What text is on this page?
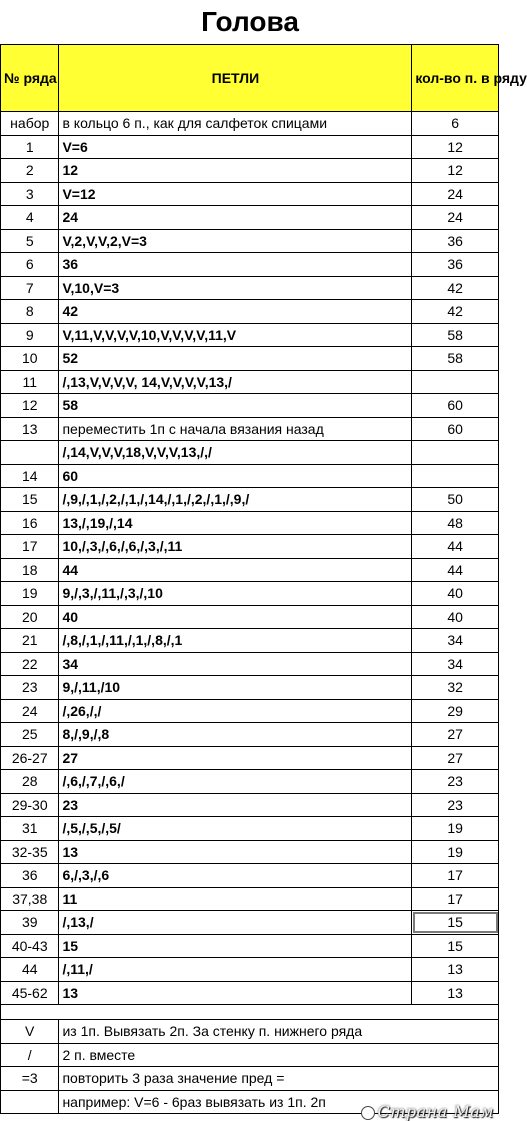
Голова
№ ряда	ПЕТЛИ	кол-во п. в ряду
набор	в кольцо 6 п., как для салфеток спицами	6
1	V=6	12
2	12	12
3	V=12	24
4	24	24
5	V,2,V,V,2,V=3	36
6	36	36
7	V,10,V=3	42
8	42	42
9	V,11,V,V,V,V,10,V,V,V,V,11,V	58
10	52	58
11	/,13,V,V,V,V, 14,V,V,V,V,13,/	
12	58	60
13	переместить 1п с начала вязания назад	60
	/,14,V,V,V,18,V,V,V,13,/,/	
14	60	
15	/,9,/,1,/,2,/,1,/,14,/,1,/,2,/,1,/,9,/	50
16	13,/,19,/,14	48
17	10,/,3,/,6,/,6,/,3,/,11	44
18	44	44
19	9,/,3,/,11,/,3,/,10	40
20	40	40
21	/,8,/,1,/,11,/,1,/,8,/,1	34
22	34	34
23	9,/,11,/10	32
24	/,26,/,/	29
25	8,/,9,/,8	27
26-27	27	27
28	/,6,/,7,/,6,/	23
29-30	23	23
31	/,5,/,5,/,5/	19
32-35	13	19
36	6,/,3,/,6	17
37,38	11	17
39	/,13,/	15
40-43	15	15
44	/,11,/	13
45-62	13	13

V	из 1п. Вывязать 2п. За стенку п. нижнего ряда	
/	2 п. вместе	
=3	повторить 3 раза значение пред =	
	например: V=6 - 6раз вывязать из 1п. 2п	
Страна Мам
